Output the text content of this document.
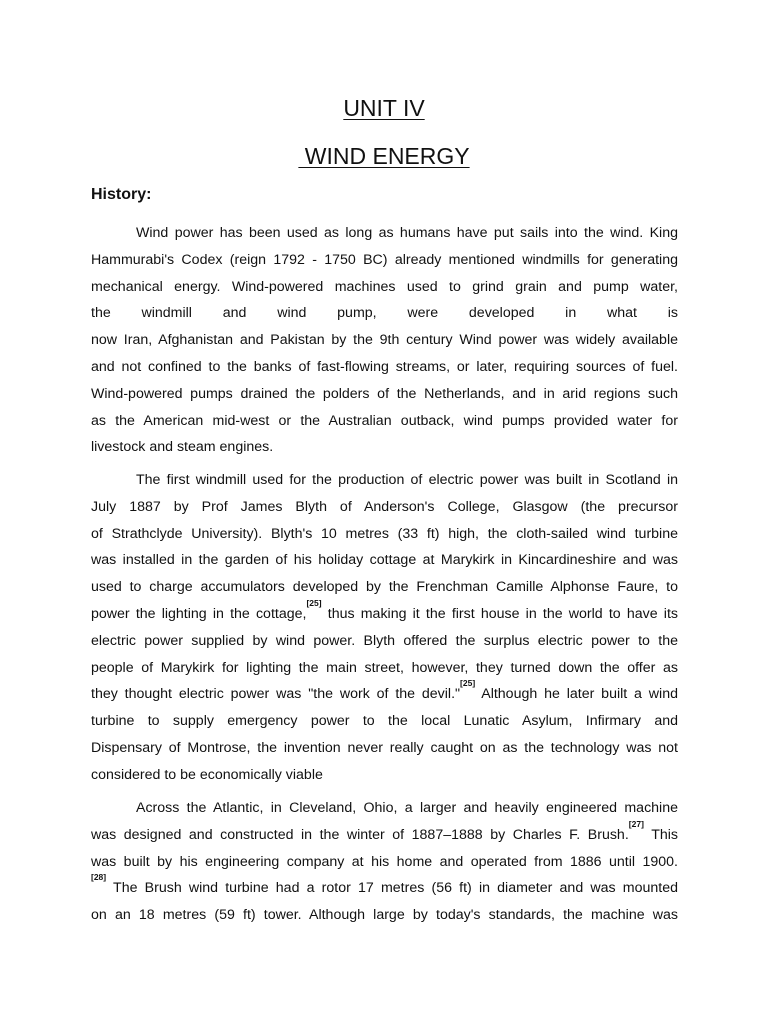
UNIT IV
WIND ENERGY
History:
Wind power has been used as long as humans have put sails into the wind. King
Hammurabi's Codex (reign 1792 - 1750 BC) already mentioned windmills for generating
mechanical energy. Wind-powered machines used to grind grain and pump water,
the windmill and wind pump, were developed in what is
now Iran, Afghanistan and Pakistan by the 9th century Wind power was widely available
and not confined to the banks of fast-flowing streams, or later, requiring sources of fuel.
Wind-powered pumps drained the polders of the Netherlands, and in arid regions such
as the American mid-west or the Australian outback, wind pumps provided water for
livestock and steam engines.
The first windmill used for the production of electric power was built in Scotland in
July 1887 by Prof James Blyth of Anderson's College, Glasgow (the precursor
of Strathclyde University). Blyth's 10 metres (33 ft) high, the cloth-sailed wind turbine
was installed in the garden of his holiday cottage at Marykirk in Kincardineshire and was
used to charge accumulators developed by the Frenchman Camille Alphonse Faure, to
power the lighting in the cottage,[25] thus making it the first house in the world to have its
electric power supplied by wind power. Blyth offered the surplus electric power to the
people of Marykirk for lighting the main street, however, they turned down the offer as
they thought electric power was "the work of the devil."[25] Although he later built a wind
turbine to supply emergency power to the local Lunatic Asylum, Infirmary and
Dispensary of Montrose, the invention never really caught on as the technology was not
considered to be economically viable
Across the Atlantic, in Cleveland, Ohio, a larger and heavily engineered machine
was designed and constructed in the winter of 1887–1888 by Charles F. Brush.[27] This
was built by his engineering company at his home and operated from 1886 until 1900.
[28] The Brush wind turbine had a rotor 17 metres (56 ft) in diameter and was mounted
on an 18 metres (59 ft) tower. Although large by today's standards, the machine was
